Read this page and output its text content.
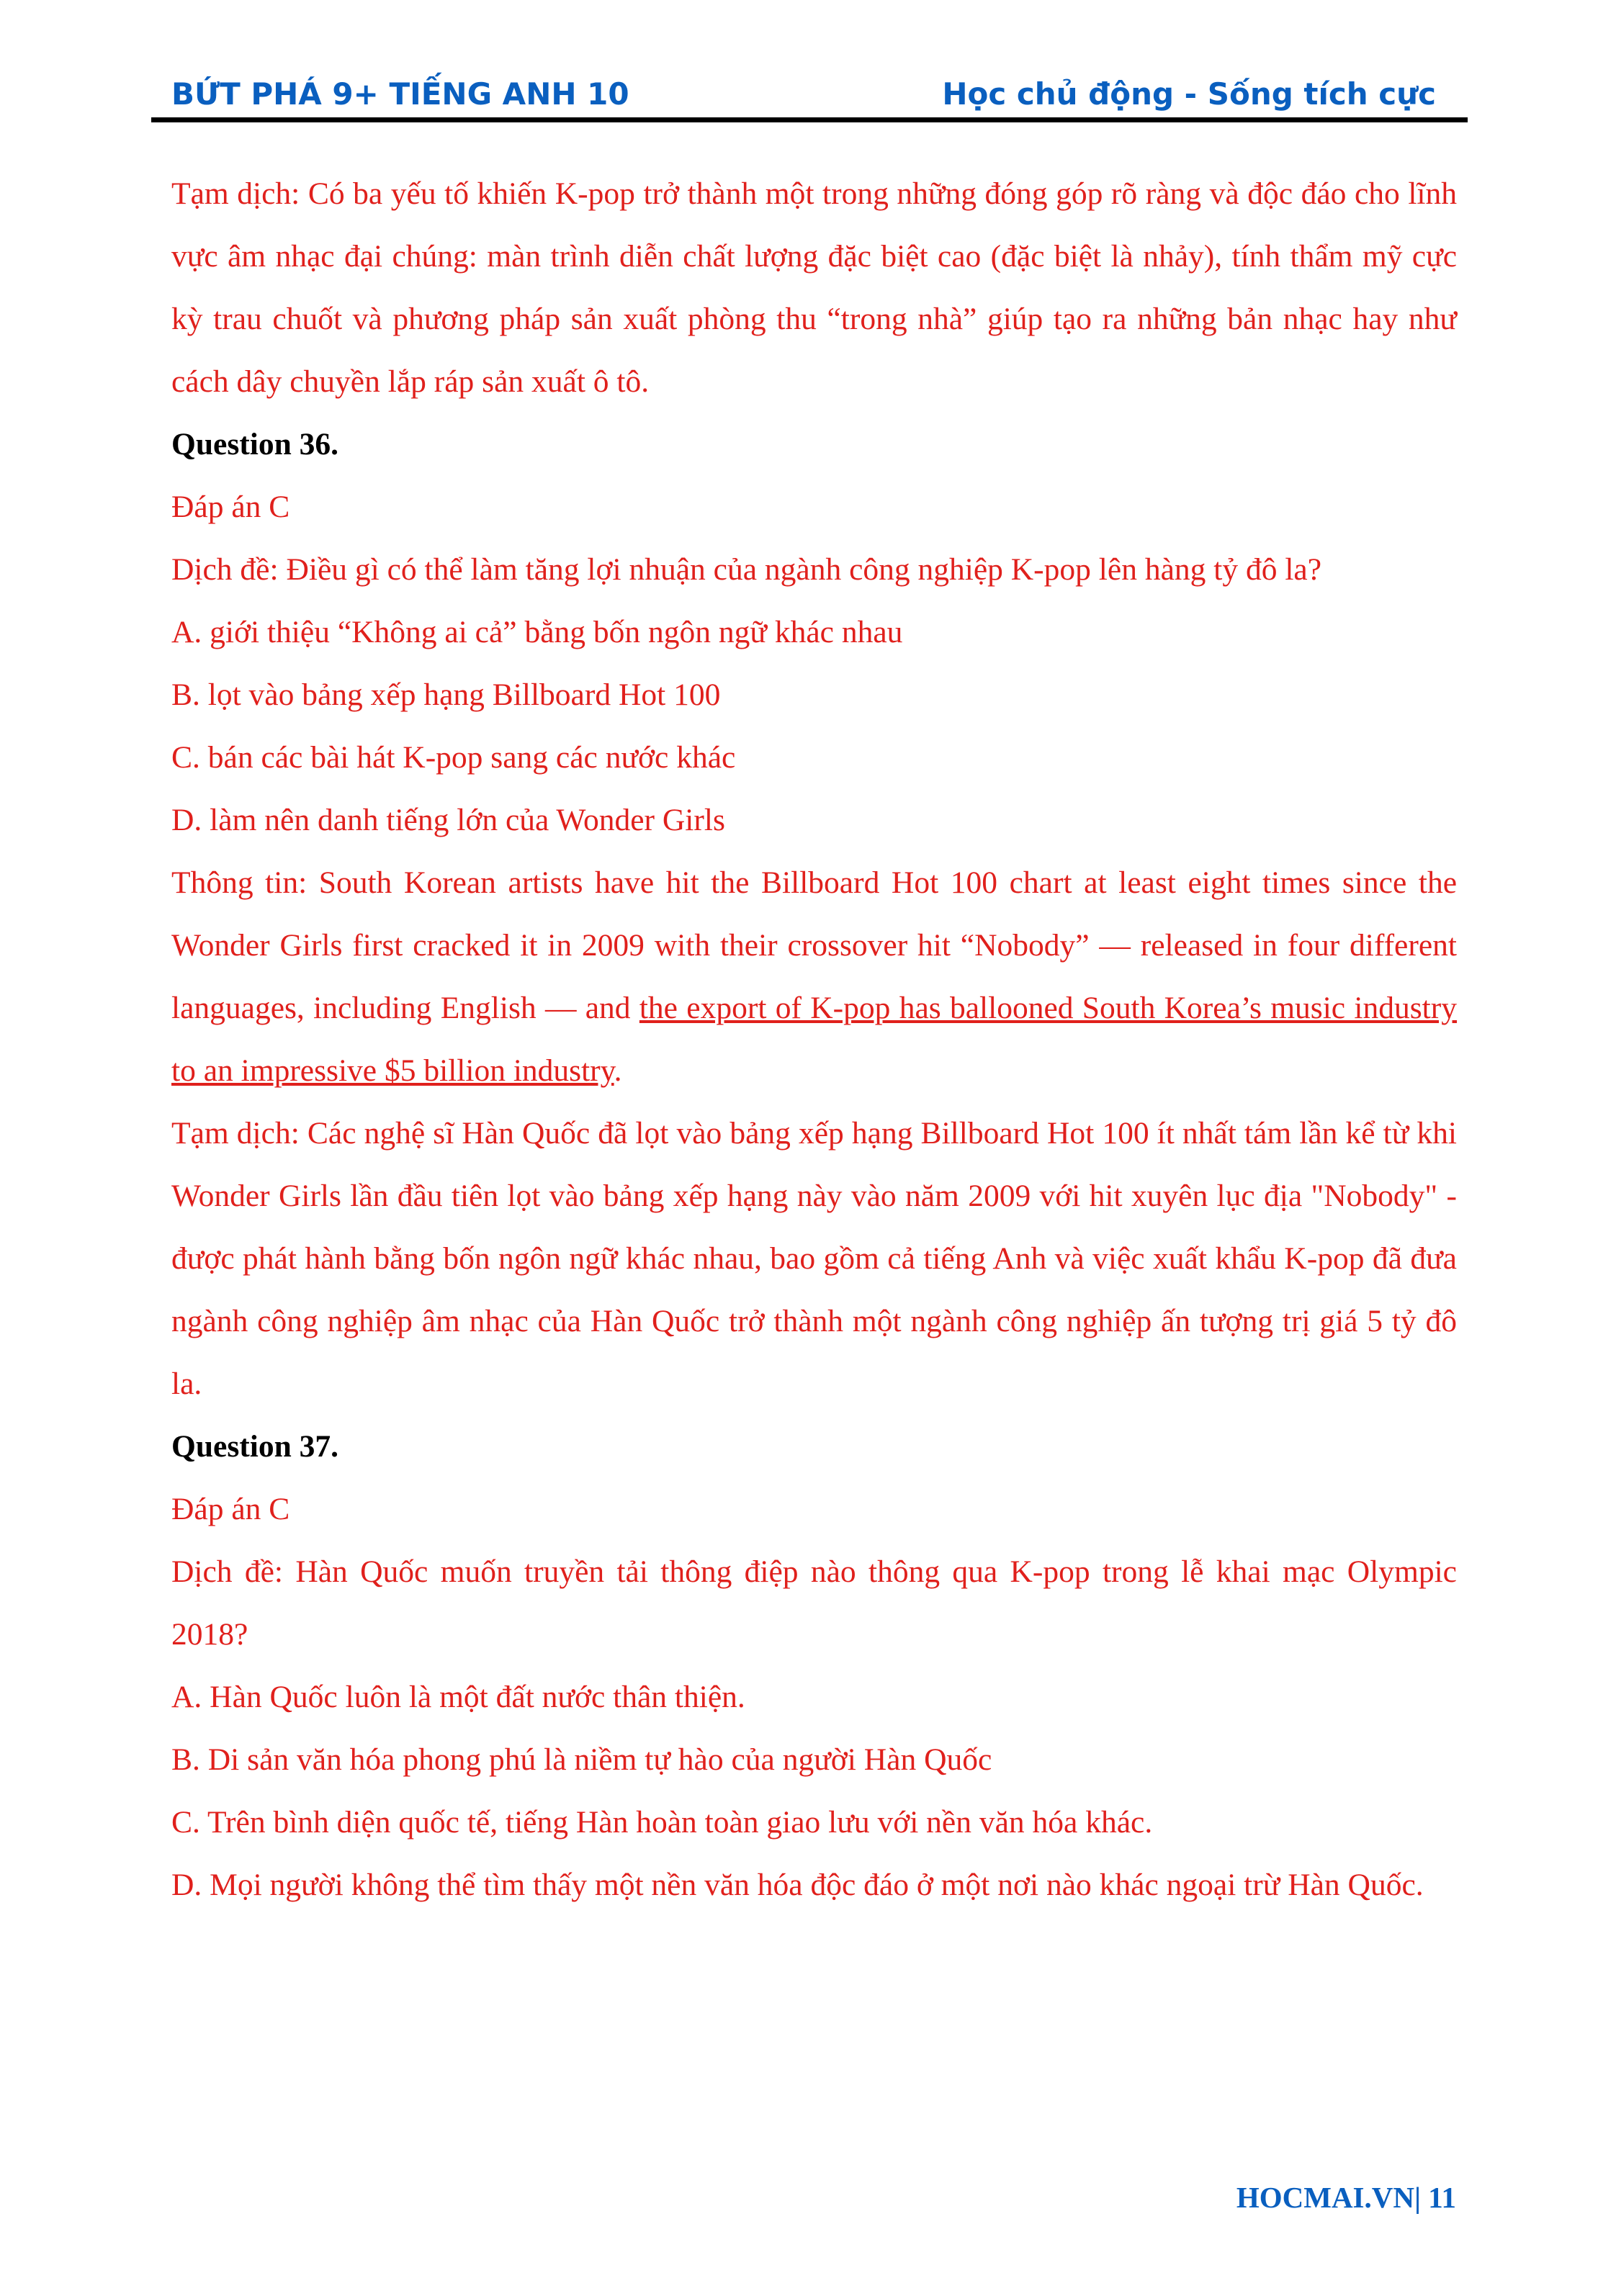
BỨT PHÁ 9+ TIẾNG ANH 10	Học chủ động - Sống tích cực

Tạm dịch: Có ba yếu tố khiến K-pop trở thành một trong những đóng góp rõ ràng và độc đáo cho lĩnh vực âm nhạc đại chúng: màn trình diễn chất lượng đặc biệt cao (đặc biệt là nhảy), tính thẩm mỹ cực kỳ trau chuốt và phương pháp sản xuất phòng thu “trong nhà” giúp tạo ra những bản nhạc hay như cách dây chuyền lắp ráp sản xuất ô tô.

Question 36.

Đáp án C

Dịch đề: Điều gì có thể làm tăng lợi nhuận của ngành công nghiệp K-pop lên hàng tỷ đô la?

A. giới thiệu “Không ai cả” bằng bốn ngôn ngữ khác nhau

B. lọt vào bảng xếp hạng Billboard Hot 100

C. bán các bài hát K-pop sang các nước khác

D. làm nên danh tiếng lớn của Wonder Girls

Thông tin: South Korean artists have hit the Billboard Hot 100 chart at least eight times since the Wonder Girls first cracked it in 2009 with their crossover hit “Nobody” — released in four different languages, including English — and the export of K-pop has ballooned South Korea’s music industry to an impressive $5 billion industry.

Tạm dịch: Các nghệ sĩ Hàn Quốc đã lọt vào bảng xếp hạng Billboard Hot 100 ít nhất tám lần kể từ khi Wonder Girls lần đầu tiên lọt vào bảng xếp hạng này vào năm 2009 với hit xuyên lục địa "Nobody" - được phát hành bằng bốn ngôn ngữ khác nhau, bao gồm cả tiếng Anh và việc xuất khẩu K-pop đã đưa ngành công nghiệp âm nhạc của Hàn Quốc trở thành một ngành công nghiệp ấn tượng trị giá 5 tỷ đô la.

Question 37.

Đáp án C

Dịch đề: Hàn Quốc muốn truyền tải thông điệp nào thông qua K-pop trong lễ khai mạc Olympic 2018?

A. Hàn Quốc luôn là một đất nước thân thiện.

B. Di sản văn hóa phong phú là niềm tự hào của người Hàn Quốc

C. Trên bình diện quốc tế, tiếng Hàn hoàn toàn giao lưu với nền văn hóa khác.

D. Mọi người không thể tìm thấy một nền văn hóa độc đáo ở một nơi nào khác ngoại trừ Hàn Quốc.

HOCMAI.VN| 11
